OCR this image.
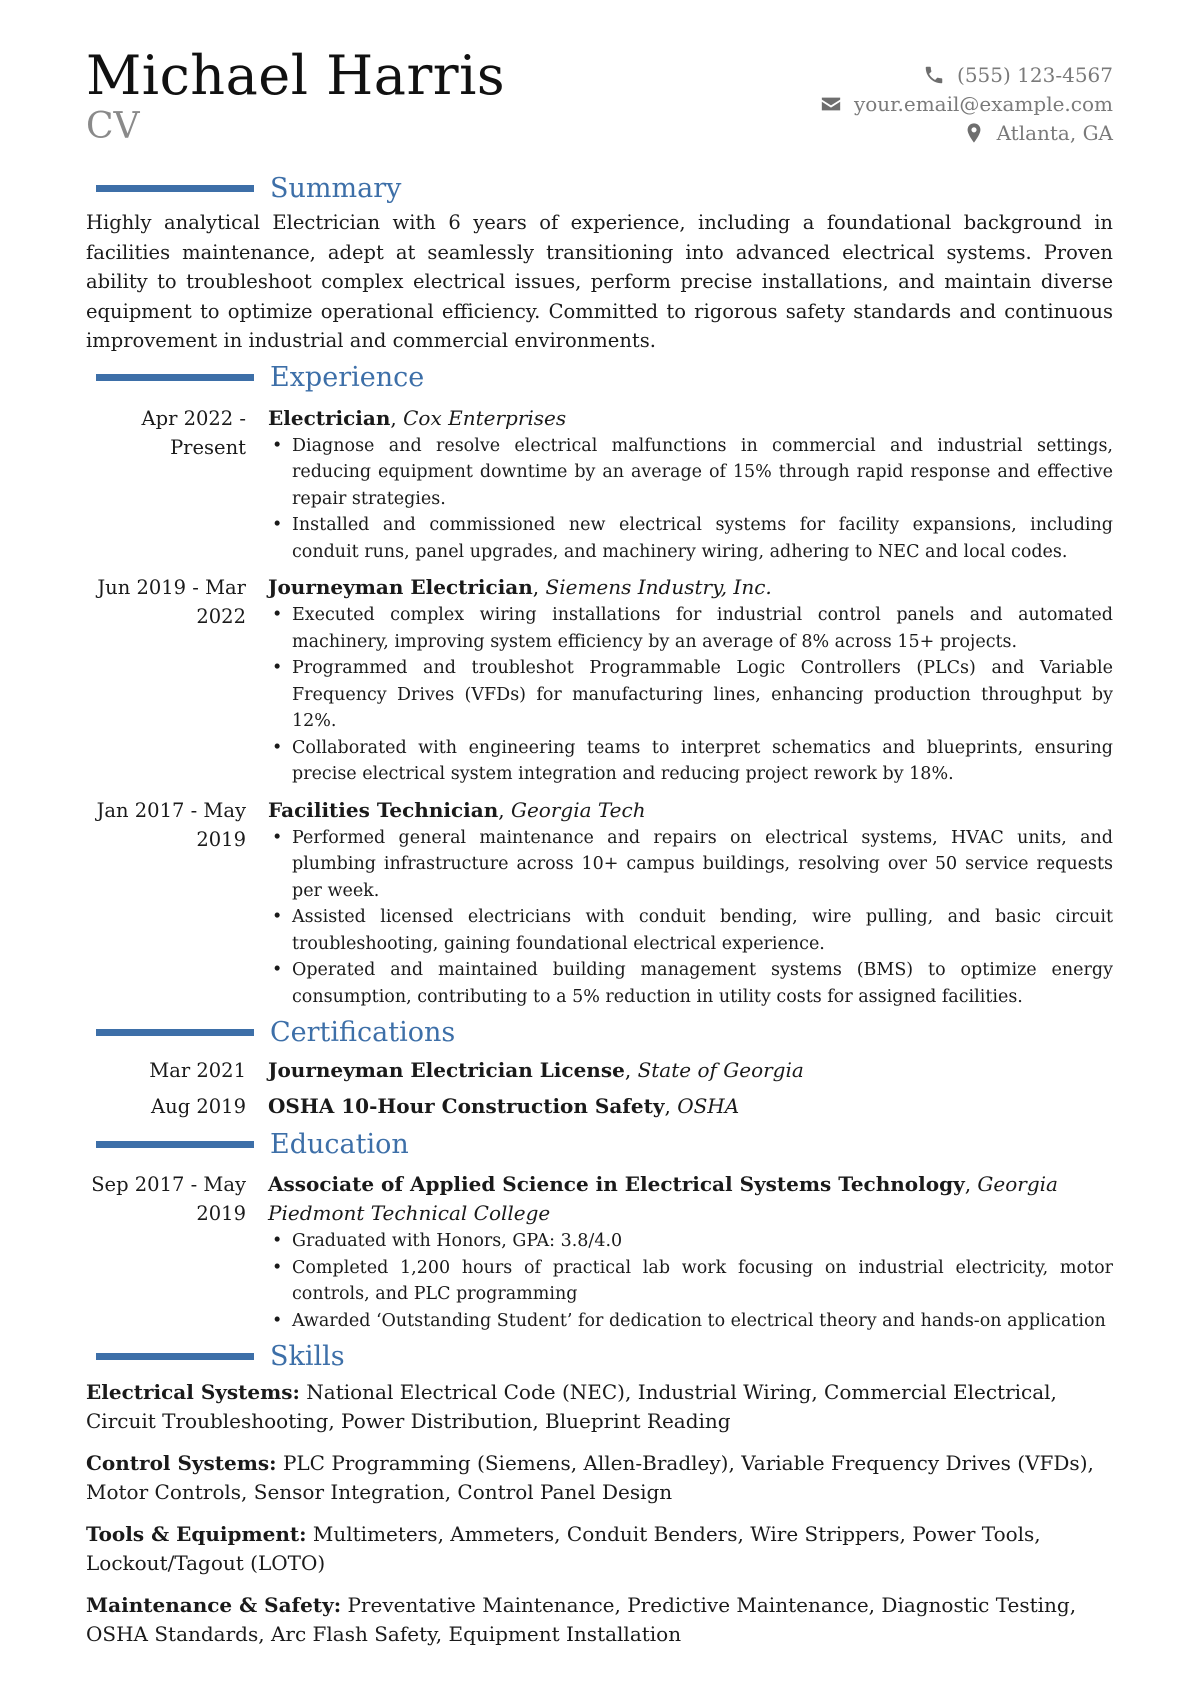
Michael Harris
CV
(555) 123-4567
your.email@example.com
Atlanta, GA
Summary
Highly analytical Electrician with 6 years of experience, including a foundational background in facilities maintenance, adept at seamlessly transitioning into advanced electrical systems. Proven ability to troubleshoot complex electrical issues, perform precise installations, and maintain diverse equipment to optimize operational efficiency. Committed to rigorous safety standards and continuous improvement in industrial and commercial environments.
Experience
Apr 2022 - Present
Electrician, Cox Enterprises
• Diagnose and resolve electrical malfunctions in commercial and industrial settings, reducing equipment downtime by an average of 15% through rapid response and effective repair strategies.
• Installed and commissioned new electrical systems for facility expansions, including conduit runs, panel upgrades, and machinery wiring, adhering to NEC and local codes.
Jun 2019 - Mar 2022
Journeyman Electrician, Siemens Industry, Inc.
• Executed complex wiring installations for industrial control panels and automated machinery, improving system efficiency by an average of 8% across 15+ projects.
• Programmed and troubleshot Programmable Logic Controllers (PLCs) and Variable Frequency Drives (VFDs) for manufacturing lines, enhancing production throughput by 12%.
• Collaborated with engineering teams to interpret schematics and blueprints, ensuring precise electrical system integration and reducing project rework by 18%.
Jan 2017 - May 2019
Facilities Technician, Georgia Tech
• Performed general maintenance and repairs on electrical systems, HVAC units, and plumbing infrastructure across 10+ campus buildings, resolving over 50 service requests per week.
• Assisted licensed electricians with conduit bending, wire pulling, and basic circuit troubleshooting, gaining foundational electrical experience.
• Operated and maintained building management systems (BMS) to optimize energy consumption, contributing to a 5% reduction in utility costs for assigned facilities.
Certifications
Mar 2021	Journeyman Electrician License, State of Georgia
Aug 2019	OSHA 10-Hour Construction Safety, OSHA
Education
Sep 2017 - May 2019
Associate of Applied Science in Electrical Systems Technology, Georgia Piedmont Technical College
• Graduated with Honors, GPA: 3.8/4.0
• Completed 1,200 hours of practical lab work focusing on industrial electricity, motor controls, and PLC programming
• Awarded ‘Outstanding Student’ for dedication to electrical theory and hands-on application
Skills
Electrical Systems: National Electrical Code (NEC), Industrial Wiring, Commercial Electrical, Circuit Troubleshooting, Power Distribution, Blueprint Reading
Control Systems: PLC Programming (Siemens, Allen-Bradley), Variable Frequency Drives (VFDs), Motor Controls, Sensor Integration, Control Panel Design
Tools & Equipment: Multimeters, Ammeters, Conduit Benders, Wire Strippers, Power Tools, Lockout/Tagout (LOTO)
Maintenance & Safety: Preventative Maintenance, Predictive Maintenance, Diagnostic Testing, OSHA Standards, Arc Flash Safety, Equipment Installation
